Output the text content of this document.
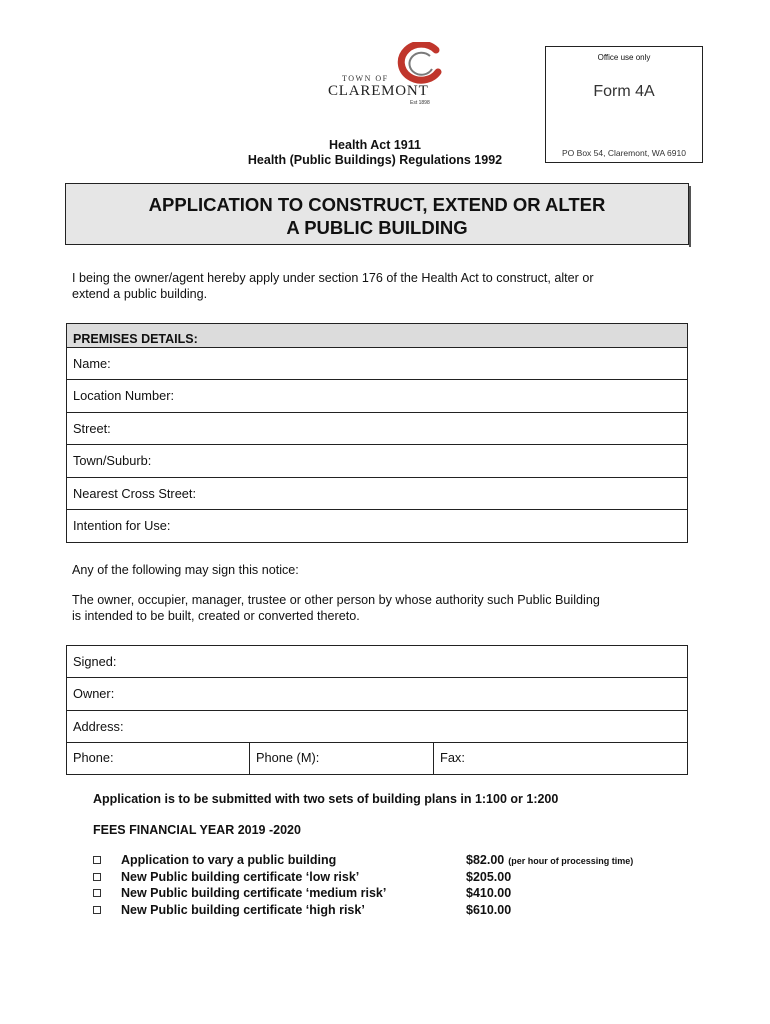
TOWN OF
CLAREMONT
Est 1898
Office use only
Form 4A
PO Box 54, Claremont, WA 6910
Health Act 1911
Health (Public Buildings) Regulations 1992
APPLICATION TO CONSTRUCT, EXTEND OR ALTER
A PUBLIC BUILDING
I being the owner/agent hereby apply under section 176 of the Health Act to construct, alter or
extend a public building.
PREMISES DETAILS:
Name:
Location Number:
Street:
Town/Suburb:
Nearest Cross Street:
Intention for Use:
Any of the following may sign this notice:
The owner, occupier, manager, trustee or other person by whose authority such Public Building
is intended to be built, created or converted thereto.
Signed:
Owner:
Address:
Phone:	Phone (M):	Fax:
Application is to be submitted with two sets of building plans in 1:100 or 1:200
FEES FINANCIAL YEAR 2019 -2020
Application to vary a public building	$82.00 (per hour of processing time)
New Public building certificate ‘low risk’	$205.00
New Public building certificate ‘medium risk’	$410.00
New Public building certificate ‘high risk’	$610.00
